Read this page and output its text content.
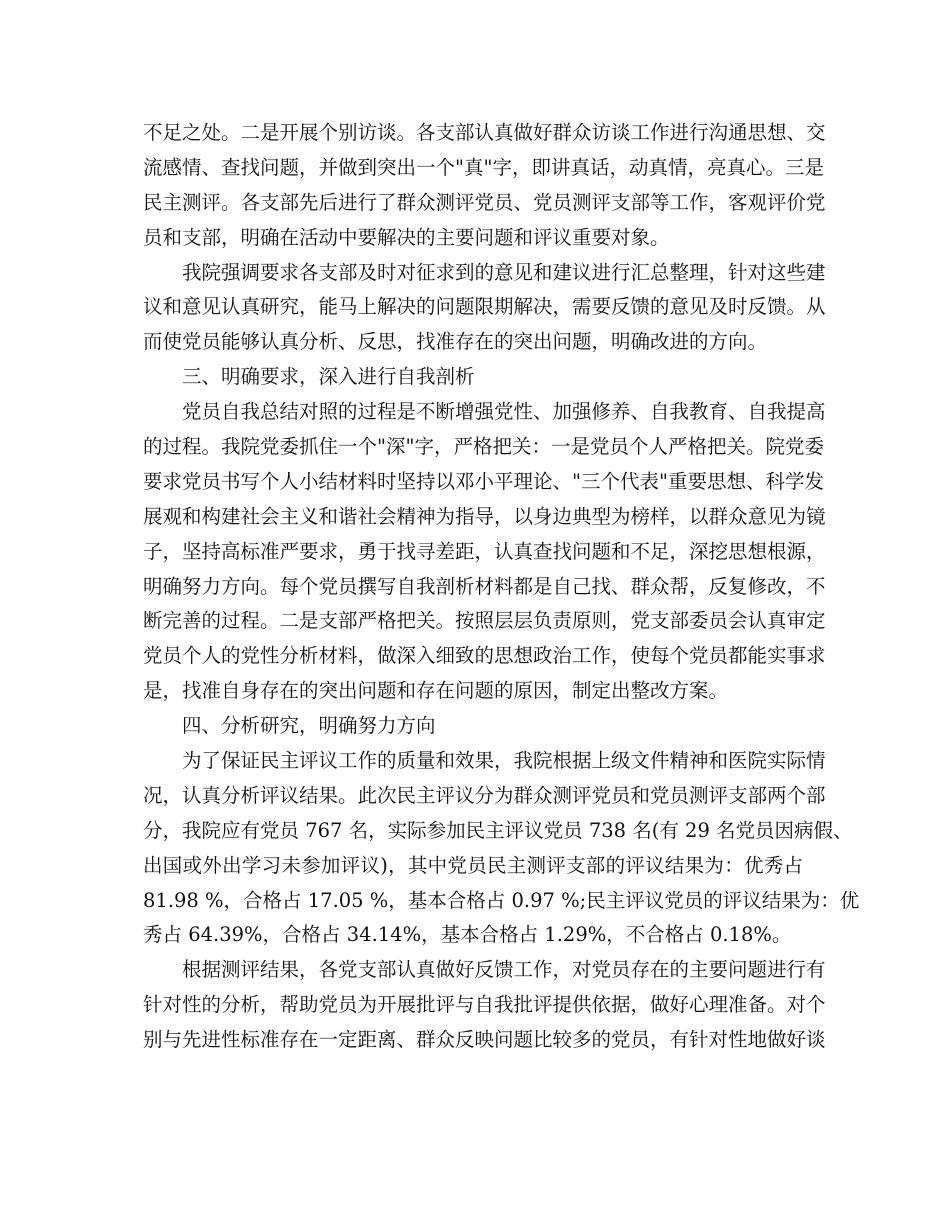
不足之处。二是开展个别访谈。各支部认真做好群众访谈工作进行沟通思想、交
流感情、查找问题，并做到突出一个"真"字，即讲真话，动真情，亮真心。三是
民主测评。各支部先后进行了群众测评党员、党员测评支部等工作，客观评价党
员和支部，明确在活动中要解决的主要问题和评议重要对象。
我院强调要求各支部及时对征求到的意见和建议进行汇总整理，针对这些建
议和意见认真研究，能马上解决的问题限期解决，需要反馈的意见及时反馈。从
而使党员能够认真分析、反思，找准存在的突出问题，明确改进的方向。
三、明确要求，深入进行自我剖析
党员自我总结对照的过程是不断增强党性、加强修养、自我教育、自我提高
的过程。我院党委抓住一个"深"字，严格把关：一是党员个人严格把关。院党委
要求党员书写个人小结材料时坚持以邓小平理论、"三个代表"重要思想、科学发
展观和构建社会主义和谐社会精神为指导，以身边典型为榜样，以群众意见为镜
子，坚持高标准严要求，勇于找寻差距，认真查找问题和不足，深挖思想根源，
明确努力方向。每个党员撰写自我剖析材料都是自己找、群众帮，反复修改，不
断完善的过程。二是支部严格把关。按照层层负责原则，党支部委员会认真审定
党员个人的党性分析材料，做深入细致的思想政治工作，使每个党员都能实事求
是，找准自身存在的突出问题和存在问题的原因，制定出整改方案。
四、分析研究，明确努力方向
为了保证民主评议工作的质量和效果，我院根据上级文件精神和医院实际情
况，认真分析评议结果。此次民主评议分为群众测评党员和党员测评支部两个部
分，我院应有党员 767 名，实际参加民主评议党员 738 名(有 29 名党员因病假、
出国或外出学习未参加评议)，其中党员民主测评支部的评议结果为：优秀占
81.98 %，合格占 17.05 %，基本合格占 0.97 %;民主评议党员的评议结果为：优
秀占 64.39%，合格占 34.14%，基本合格占 1.29%，不合格占 0.18%。
根据测评结果，各党支部认真做好反馈工作，对党员存在的主要问题进行有
针对性的分析，帮助党员为开展批评与自我批评提供依据，做好心理准备。对个
别与先进性标准存在一定距离、群众反映问题比较多的党员，有针对性地做好谈
